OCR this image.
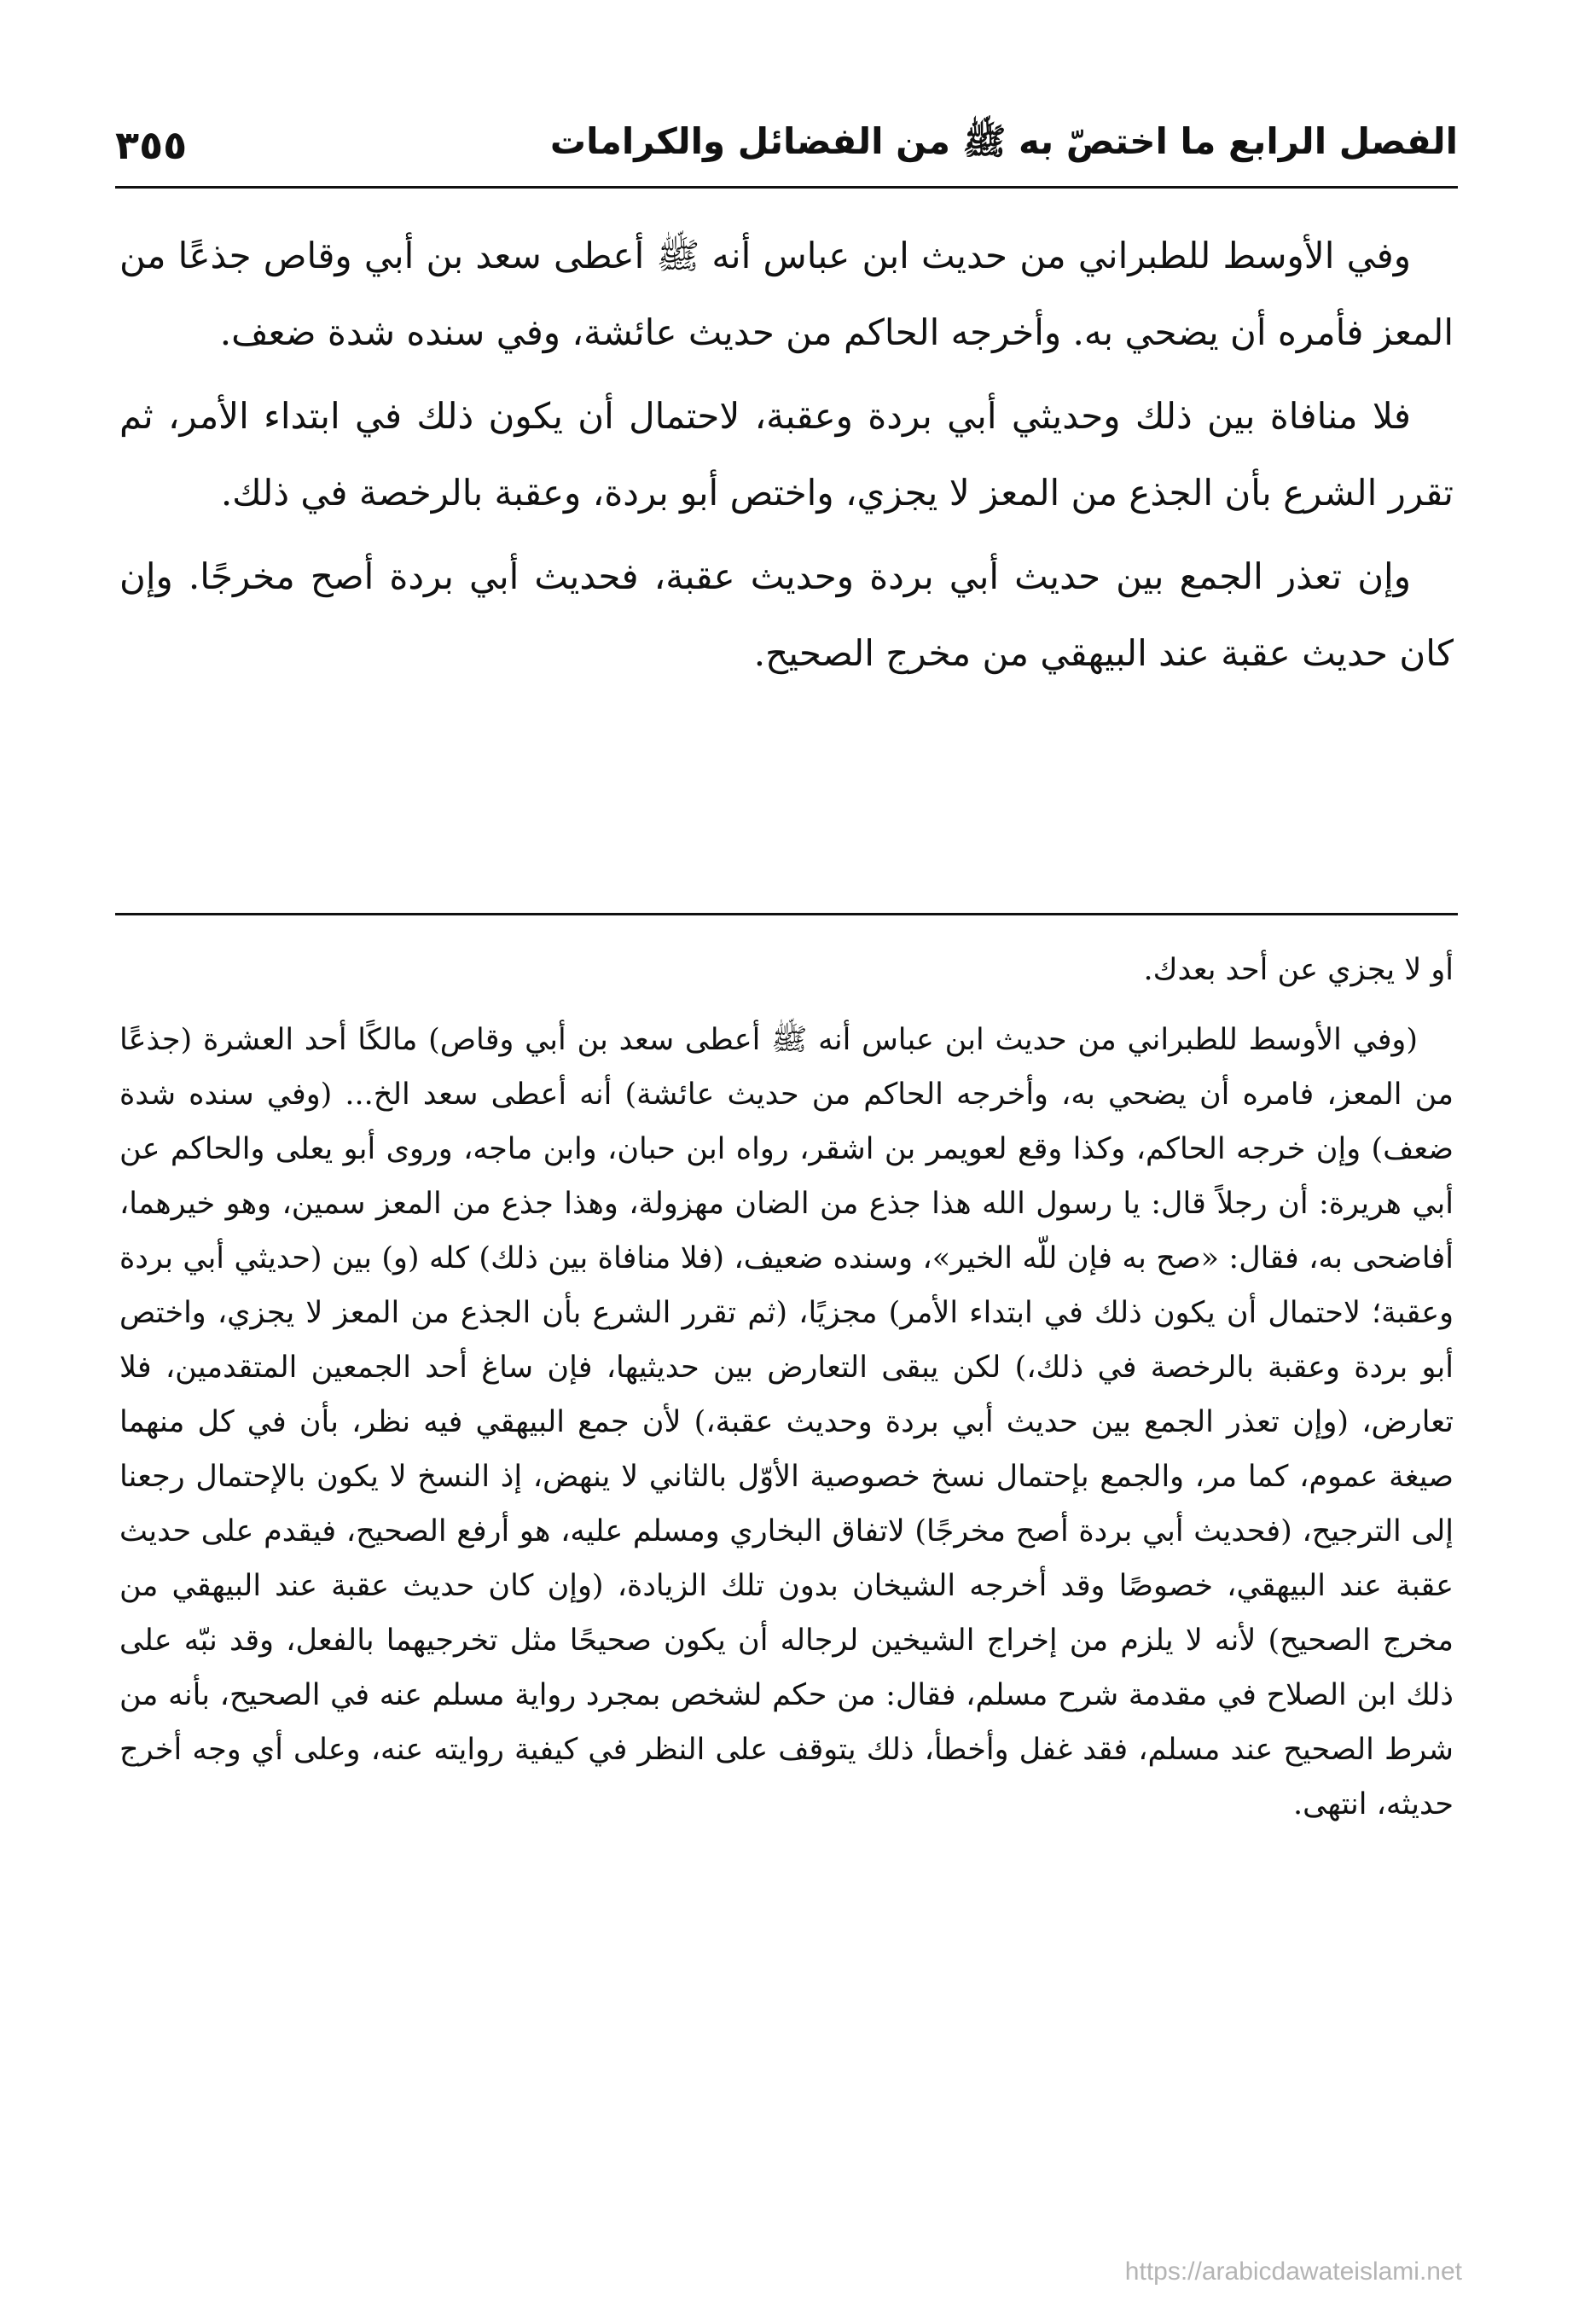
الفصل الرابع ما اختصّ به ﷺ من الفضائل والكرامات
٣٥٥

وفي الأوسط للطبراني من حديث ابن عباس أنه ﷺ أعطى سعد بن أبي وقاص جذعًا من المعز فأمره أن يضحي به. وأخرجه الحاكم من حديث عائشة، وفي سنده شدة ضعف.

فلا منافاة بين ذلك وحديثي أبي بردة وعقبة، لاحتمال أن يكون ذلك في ابتداء الأمر، ثم تقرر الشرع بأن الجذع من المعز لا يجزي، واختص أبو بردة، وعقبة بالرخصة في ذلك.

وإن تعذر الجمع بين حديث أبي بردة وحديث عقبة، فحديث أبي بردة أصح مخرجًا. وإن كان حديث عقبة عند البيهقي من مخرج الصحيح.

أو لا يجزي عن أحد بعدك.

(وفي الأوسط للطبراني من حديث ابن عباس أنه ﷺ أعطى سعد بن أبي وقاص) مالكًا أحد العشرة (جذعًا من المعز، فامره أن يضحي به، وأخرجه الحاكم من حديث عائشة) أنه أعطى سعد الخ... (وفي سنده شدة ضعف) وإن خرجه الحاكم، وكذا وقع لعويمر بن اشقر، رواه ابن حبان، وابن ماجه، وروى أبو يعلى والحاكم عن أبي هريرة: أن رجلاً قال: يا رسول الله هذا جذع من الضان مهزولة، وهذا جذع من المعز سمين، وهو خيرهما، أفاضحى به، فقال: «صح به فإن للّه الخير»، وسنده ضعيف، (فلا منافاة بين ذلك) كله (و) بين (حديثي أبي بردة وعقبة؛ لاحتمال أن يكون ذلك في ابتداء الأمر) مجزيًا، (ثم تقرر الشرع بأن الجذع من المعز لا يجزي، واختص أبو بردة وعقبة بالرخصة في ذلك،) لكن يبقى التعارض بين حديثيها، فإن ساغ أحد الجمعين المتقدمين، فلا تعارض، (وإن تعذر الجمع بين حديث أبي بردة وحديث عقبة،) لأن جمع البيهقي فيه نظر، بأن في كل منهما صيغة عموم، كما مر، والجمع بإحتمال نسخ خصوصية الأوّل بالثاني لا ينهض، إذ النسخ لا يكون بالإحتمال رجعنا إلى الترجيح، (فحديث أبي بردة أصح مخرجًا) لاتفاق البخاري ومسلم عليه، هو أرفع الصحيح، فيقدم على حديث عقبة عند البيهقي، خصوصًا وقد أخرجه الشيخان بدون تلك الزيادة، (وإن كان حديث عقبة عند البيهقي من مخرج الصحيح) لأنه لا يلزم من إخراج الشيخين لرجاله أن يكون صحيحًا مثل تخرجيهما بالفعل، وقد نبّه على ذلك ابن الصلاح في مقدمة شرح مسلم، فقال: من حكم لشخص بمجرد رواية مسلم عنه في الصحيح، بأنه من شرط الصحيح عند مسلم، فقد غفل وأخطأ، ذلك يتوقف على النظر في كيفية روايته عنه، وعلى أي وجه أخرج حديثه، انتهى.

https://arabicdawateislami.net
